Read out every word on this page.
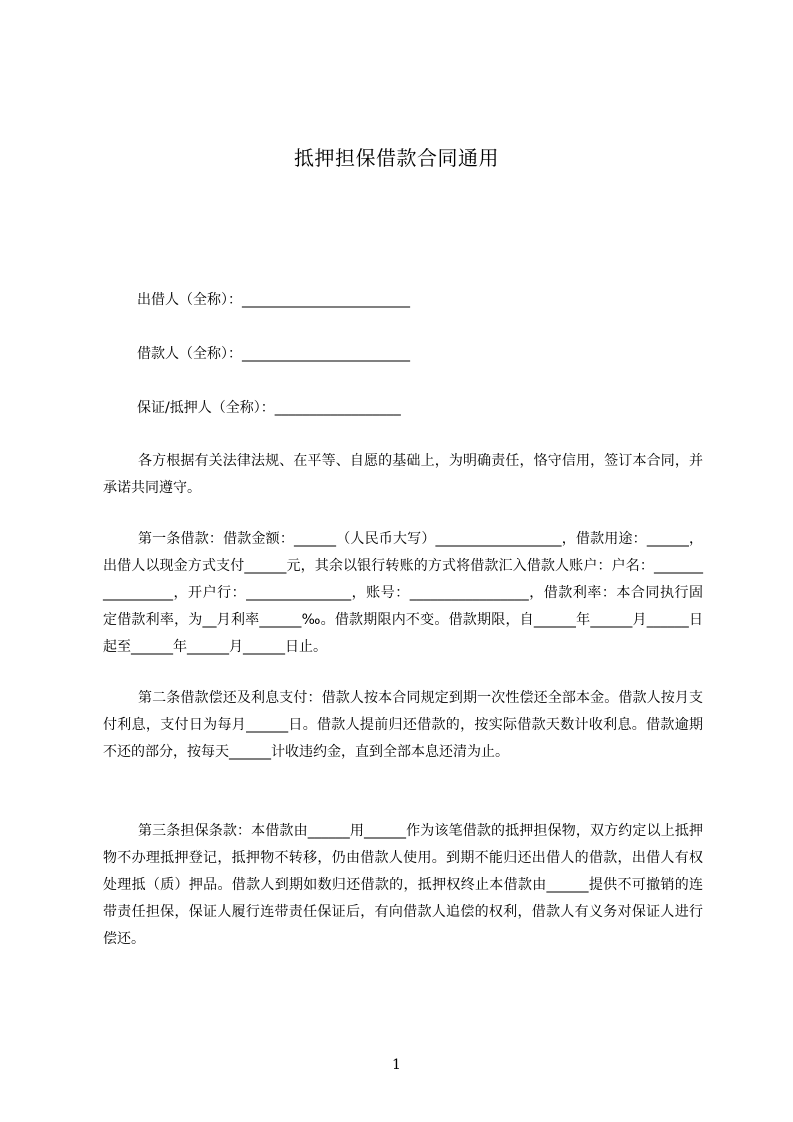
抵押担保借款合同通用
出借人（全称）：________________________
借款人（全称）：________________________
保证/抵押人（全称）：__________________

各方根据有关法律法规、在平等、自愿的基础上，为明确责任，恪守信用，签订本合同，并承诺共同遵守。

第一条借款：借款金额：______（人民币大写）__________________，借款用途：______，出借人以现金方式支付______元，其余以银行转账的方式将借款汇入借款人账户：户名：_________________，开户行：_______________，账号：_________________，借款利率：本合同执行固定借款利率，为__月利率______‰。借款期限内不变。借款期限，自______年______月______日起至______年______月______日止。

第二条借款偿还及利息支付：借款人按本合同规定到期一次性偿还全部本金。借款人按月支付利息，支付日为每月______日。借款人提前归还借款的，按实际借款天数计收利息。借款逾期不还的部分，按每天______计收违约金，直到全部本息还清为止。

第三条担保条款：本借款由______用______作为该笔借款的抵押担保物，双方约定以上抵押物不办理抵押登记，抵押物不转移，仍由借款人使用。到期不能归还出借人的借款，出借人有权处理抵（质）押品。借款人到期如数归还借款的，抵押权终止本借款由______提供不可撤销的连带责任担保，保证人履行连带责任保证后，有向借款人追偿的权利，借款人有义务对保证人进行偿还。

1
